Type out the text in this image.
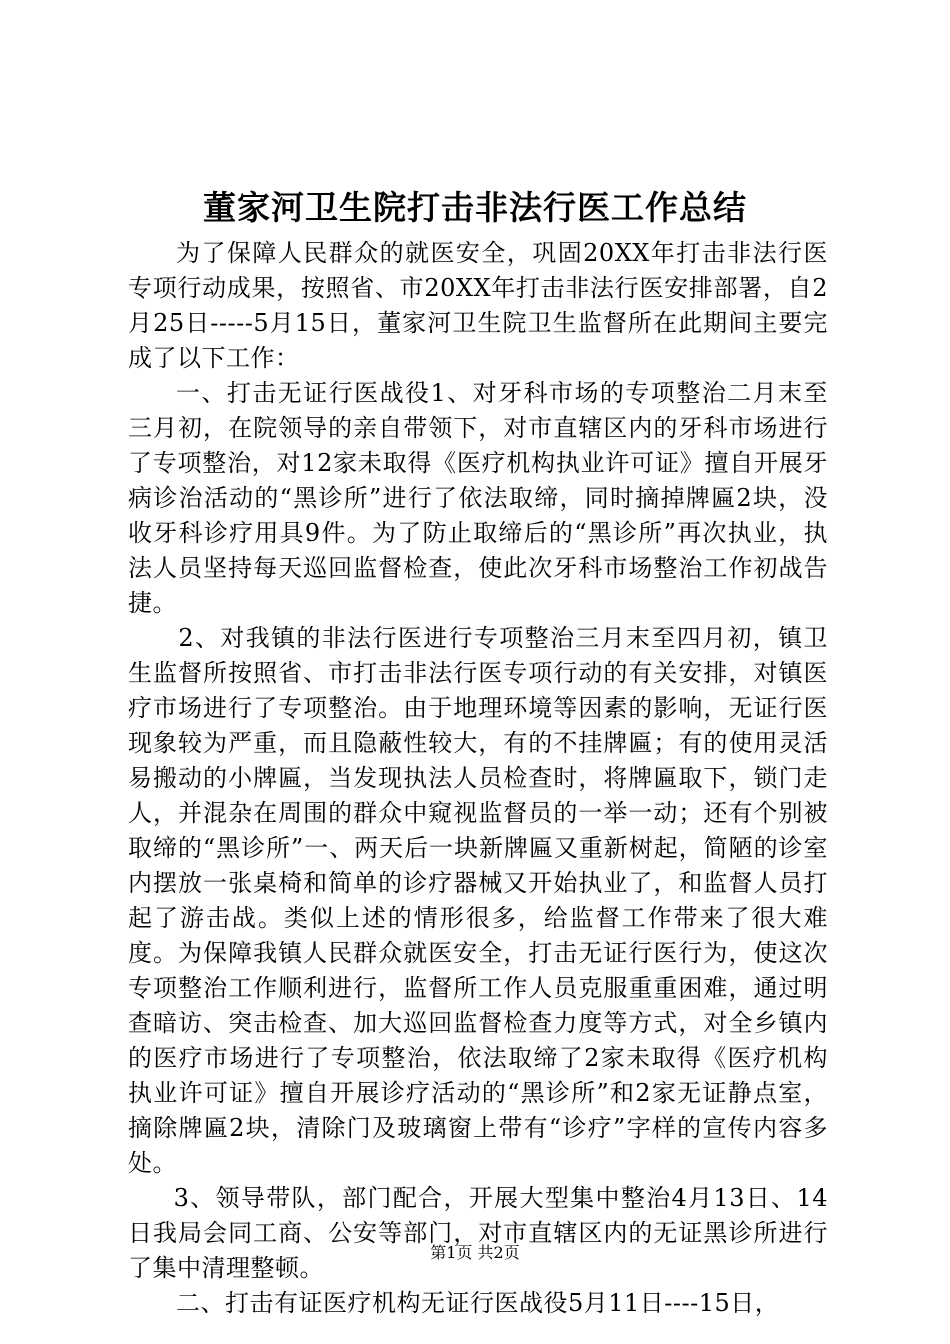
董家河卫生院打击非法行医工作总结

为了保障人民群众的就医安全，巩固20XX年打击非法行医专项行动成果，按照省、市20XX年打击非法行医安排部署，自2月25日-----5月15日，董家河卫生院卫生监督所在此期间主要完成了以下工作：

一、打击无证行医战役1、对牙科市场的专项整治二月末至三月初，在院领导的亲自带领下，对市直辖区内的牙科市场进行了专项整治，对12家未取得《医疗机构执业许可证》擅自开展牙病诊治活动的“黑诊所”进行了依法取缔，同时摘掉牌匾2块，没收牙科诊疗用具9件。为了防止取缔后的“黑诊所”再次执业，执法人员坚持每天巡回监督检查，使此次牙科市场整治工作初战告捷。

2、对我镇的非法行医进行专项整治三月末至四月初，镇卫生监督所按照省、市打击非法行医专项行动的有关安排，对镇医疗市场进行了专项整治。由于地理环境等因素的影响，无证行医现象较为严重，而且隐蔽性较大，有的不挂牌匾；有的使用灵活易搬动的小牌匾，当发现执法人员检查时，将牌匾取下，锁门走人，并混杂在周围的群众中窥视监督员的一举一动；还有个别被取缔的“黑诊所”一、两天后一块新牌匾又重新树起，简陋的诊室内摆放一张桌椅和简单的诊疗器械又开始执业了，和监督人员打起了游击战。类似上述的情形很多，给监督工作带来了很大难度。为保障我镇人民群众就医安全，打击无证行医行为，使这次专项整治工作顺利进行，监督所工作人员克服重重困难，通过明查暗访、突击检查、加大巡回监督检查力度等方式，对全乡镇内的医疗市场进行了专项整治，依法取缔了2家未取得《医疗机构执业许可证》擅自开展诊疗活动的“黑诊所”和2家无证静点室，摘除牌匾2块，清除门及玻璃窗上带有“诊疗”字样的宣传内容多处。

3、领导带队，部门配合，开展大型集中整治4月13日、14日我局会同工商、公安等部门，对市直辖区内的无证黑诊所进行了集中清理整顿。

二、打击有证医疗机构无证行医战役5月11日----15日，

第1页 共2页
